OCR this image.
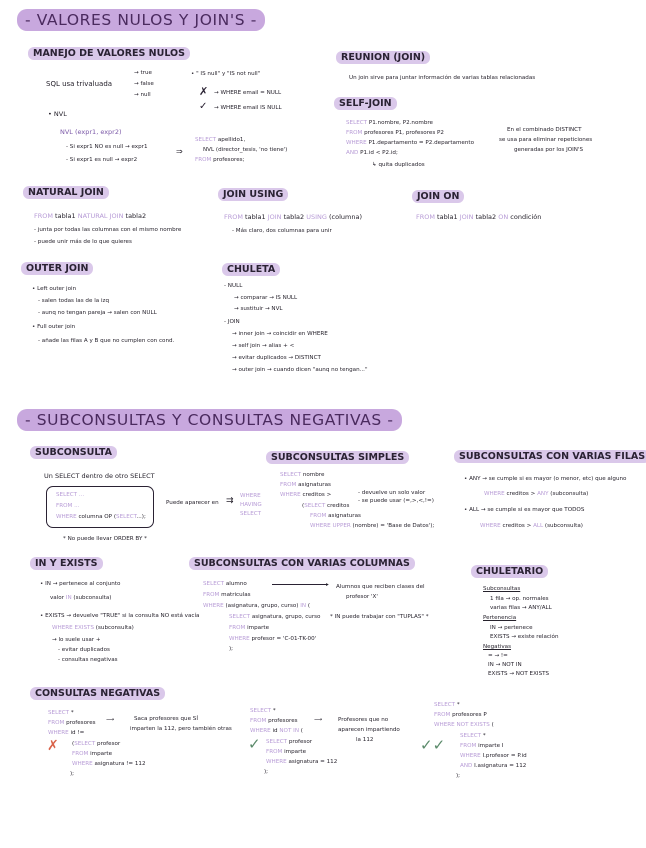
- VALORES NULOS Y JOIN'S -
MANEJO DE VALORES NULOS
SQL usa trivaluada
→ true
→ false
→ null
• " IS null" y "IS not null"
✗ → WHERE email = NULL
✓ → WHERE email IS NULL
• NVL
NVL (expr1, expr2)
- Si expr1 NO es null → expr1
- Si expr1 es null → expr2
⇒
SELECT apellido1,
NVL (director_tesis, 'no tiene')
FROM profesores;
REUNION (JOIN)
Un join sirve para juntar información de varias tablas relacionadas
SELF-JOIN
SELECT P1.nombre, P2.nombre
FROM profesores P1, profesores P2
WHERE P1.departamento = P2.departamento
AND P1.id < P2.id;
↳ quita duplicados
En el combinado DISTINCT
se usa para eliminar repeticiones
generadas por los JOIN'S
NATURAL JOIN
FROM tabla1 NATURAL JOIN tabla2
- junta por todas las columnas con el mismo nombre
- puede unir más de lo que quieres
JOIN USING
FROM tabla1 JOIN tabla2 USING (columna)
- Más claro, dos columnas para unir
JOIN ON
FROM tabla1 JOIN tabla2 ON condición
OUTER JOIN
• Left outer join
- salen todas las de la izq
- aunq no tengan pareja → salen con NULL
• Full outer join
- añade las filas A y B que no cumplen con cond.
CHULETA
- NULL
→ comparar → IS NULL
→ sustituir → NVL
- JOIN
→ inner join → coincidir en WHERE
→ self join → alias + <
→ evitar duplicados → DISTINCT
→ outer join → cuando dicen "aunq no tengan..."
- SUBCONSULTAS Y CONSULTAS NEGATIVAS -
SUBCONSULTA
Un SELECT dentro de otro SELECT
SELECT ...
FROM ...
WHERE columna OP (SELECT...);
Puede aparecer en ⇉ WHERE
HAVING
SELECT
* No puede llevar ORDER BY *
SUBCONSULTAS SIMPLES
SELECT nombre
FROM asignaturas
WHERE creditos >
(SELECT creditos
FROM asignaturas
WHERE UPPER (nombre) = 'Base de Datos');
- devuelve un solo valor
- se puede usar (=,>,<,!=)
SUBCONSULTAS CON VARIAS FILAS
• ANY → se cumple si es mayor (o menor, etc) que alguno
WHERE creditos > ANY (subconsulta)
• ALL → se cumple si es mayor que TODOS
WHERE creditos > ALL (subconsulta)
IN Y EXISTS
• IN → pertenece al conjunto
valor IN (subconsulta)
• EXISTS → devuelve "TRUE" si la consulta NO está vacía
WHERE EXISTS (subconsulta)
→ lo suele usar +
- evitar duplicados
- consultas negativas
SUBCONSULTAS CON VARIAS COLUMNAS
SELECT alumno
FROM matriculas
WHERE (asignatura, grupo, curso) IN (
SELECT asignatura, grupo, curso
FROM imparte
WHERE profesor = 'C-01-TK-00'
);
▸ Alumnos que reciben clases del
profesor 'X'
* IN puede trabajar con "TUPLAS" *
CHULETARIO
Subconsultas
1 fila → op. normales
varias filas → ANY/ALL
Pertenencia
IN → pertenece
EXISTS → existe relación
Negativas
= → !=
IN → NOT IN
EXISTS → NOT EXISTS
CONSULTAS NEGATIVAS
SELECT *
FROM profesores
WHERE id !=
(SELECT profesor
FROM imparte
WHERE asignatura != 112
);
✗
⟶	Saca profesores que SÍ
imparten la 112, pero también otras
SELECT *
FROM profesores
WHERE id NOT IN (
SELECT profesor
FROM imparte
WHERE asignatura = 112
);
✓
⟶	Profesores que no
aparecen impartiendo
la 112
SELECT *
FROM profesores P
WHERE NOT EXISTS (
SELECT *
FROM imparte I
WHERE I.profesor = P.id
AND I.asignatura = 112
);
✓✓
